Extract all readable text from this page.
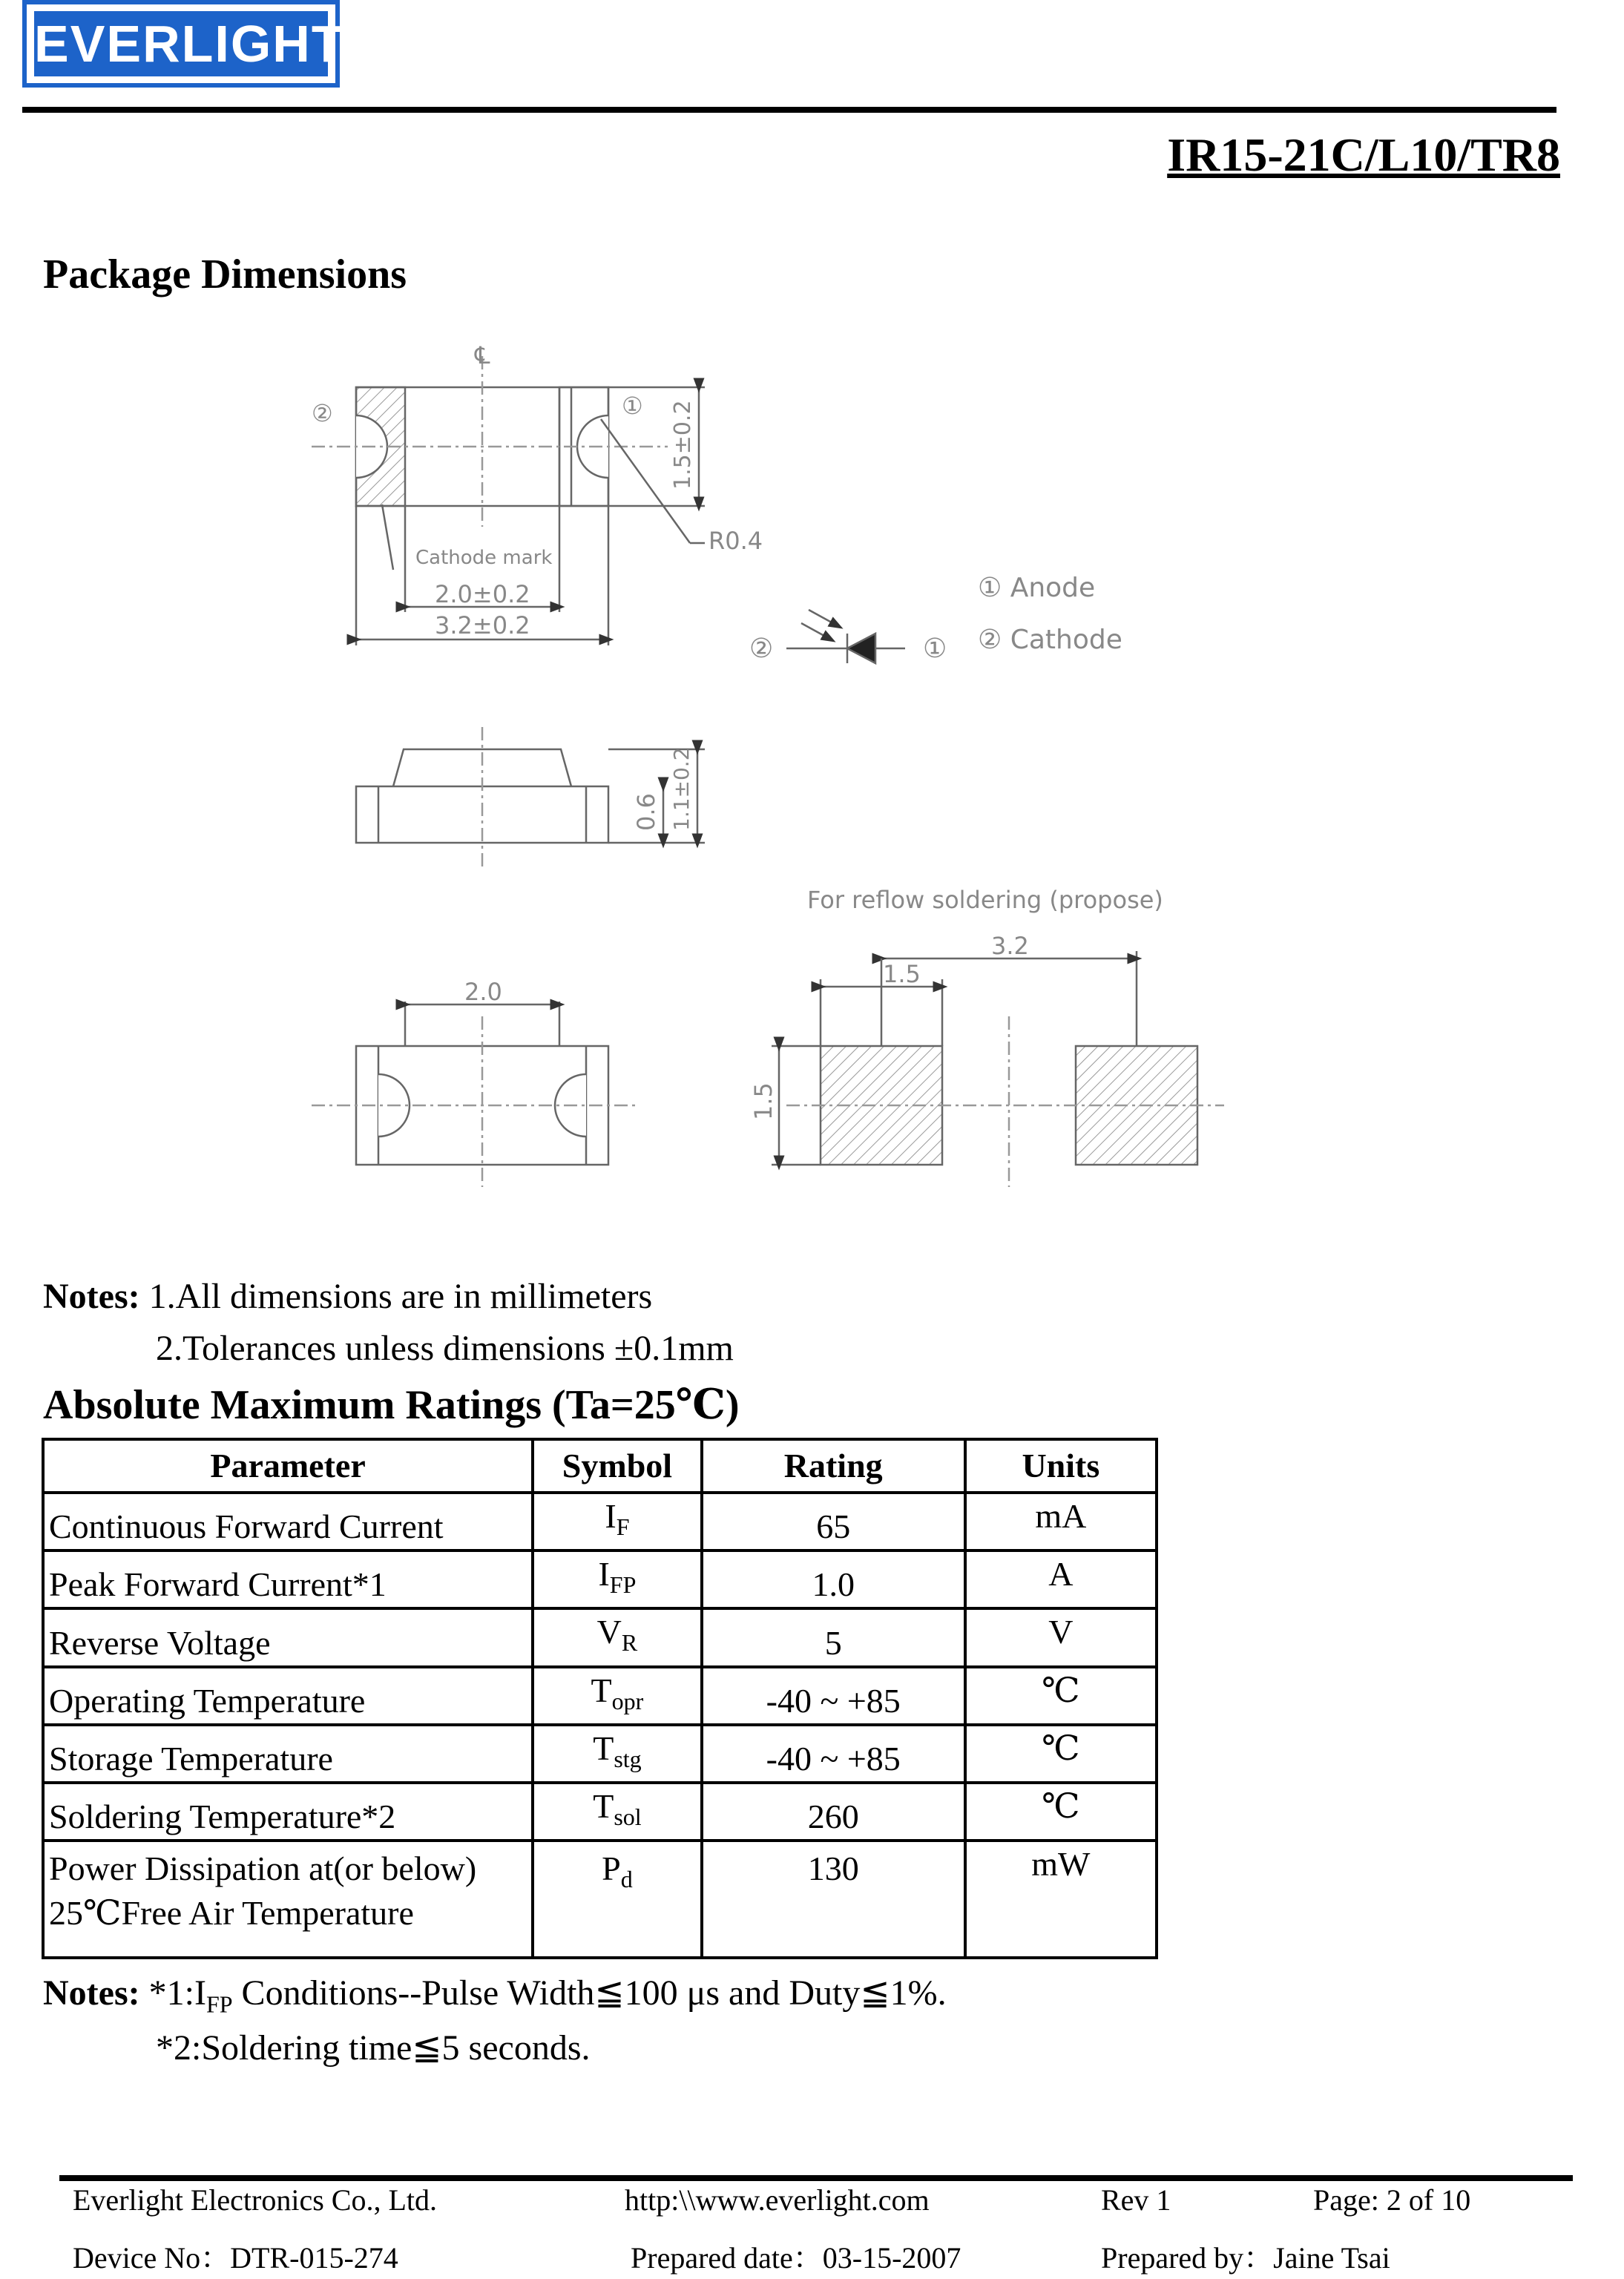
EVERLIGHT
IR15-21C/L10/TR8
Package Dimensions
℄
②	①
Cathode mark
R0.4
1.5±0.2
2.0±0.2
3.2±0.2
① Anode
② Cathode
②	①
0.6 1.1±0.2
2.0
For reflow soldering (propose)
3.2
1.5
1.5
Notes: 1.All dimensions are in millimeters
2.Tolerances unless dimensions ±0.1mm
Absolute Maximum Ratings (Ta=25℃)
Parameter	Symbol	Rating	Units
Continuous Forward Current	$I_F$	65	mA
Peak Forward Current*1	$I_{FP}$	1.0	A
Reverse Voltage	$V_R$	5	V
Operating Temperature	$T_{opr}$	-40 ~ +85	℃
Storage Temperature	$T_{stg}$	-40 ~ +85	℃
Soldering Temperature*2	$T_{sol}$	260	℃

Power Dissipation at(or below)
25℃Free Air Temperature	$P_d$	130	mW
Notes: $*1:I_{FP}$ Conditions--Pulse Width≦100 μs and Duty≦1%.
*2:Soldering time≦5 seconds.
Everlight Electronics Co., Ltd.	http:\\www.everlight.com	Rev 1	Page: 2 of 10
Device No：DTR-015-274	Prepared date：03-15-2007	Prepared by：Jaine Tsai
